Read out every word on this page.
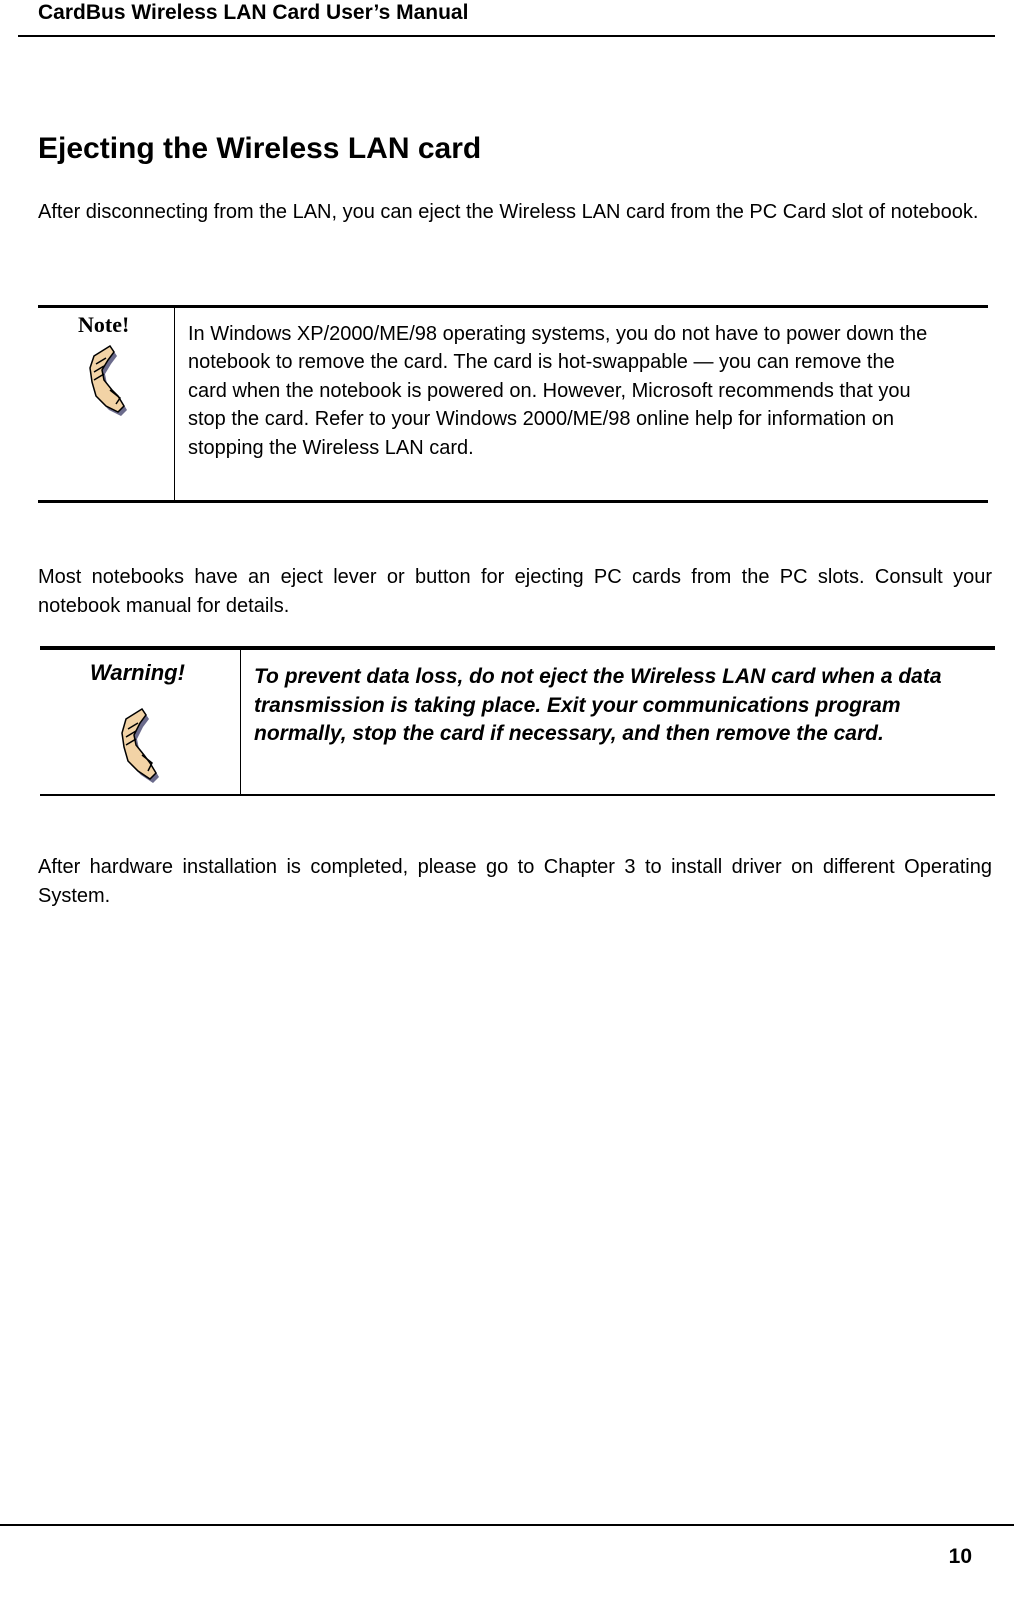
CardBus Wireless LAN Card User’s Manual
Ejecting the Wireless LAN card

After disconnecting from the LAN, you can eject the Wireless LAN card from the PC Card slot of notebook.

Note!	In Windows XP/2000/ME/98 operating systems, you do not have to power down the notebook to remove the card. The card is hot-swappable — you can remove the card when the notebook is powered on. However, Microsoft recommends that you stop the card. Refer to your Windows 2000/ME/98 online help for information on stopping the Wireless LAN card.

Most notebooks have an eject lever or button for ejecting PC cards from the PC slots. Consult your notebook manual for details.

Warning!	To prevent data loss, do not eject the Wireless LAN card when a data transmission is taking place. Exit your communications program normally, stop the card if necessary, and then remove the card.

After hardware installation is completed, please go to Chapter 3 to install driver on different Operating System.

10
